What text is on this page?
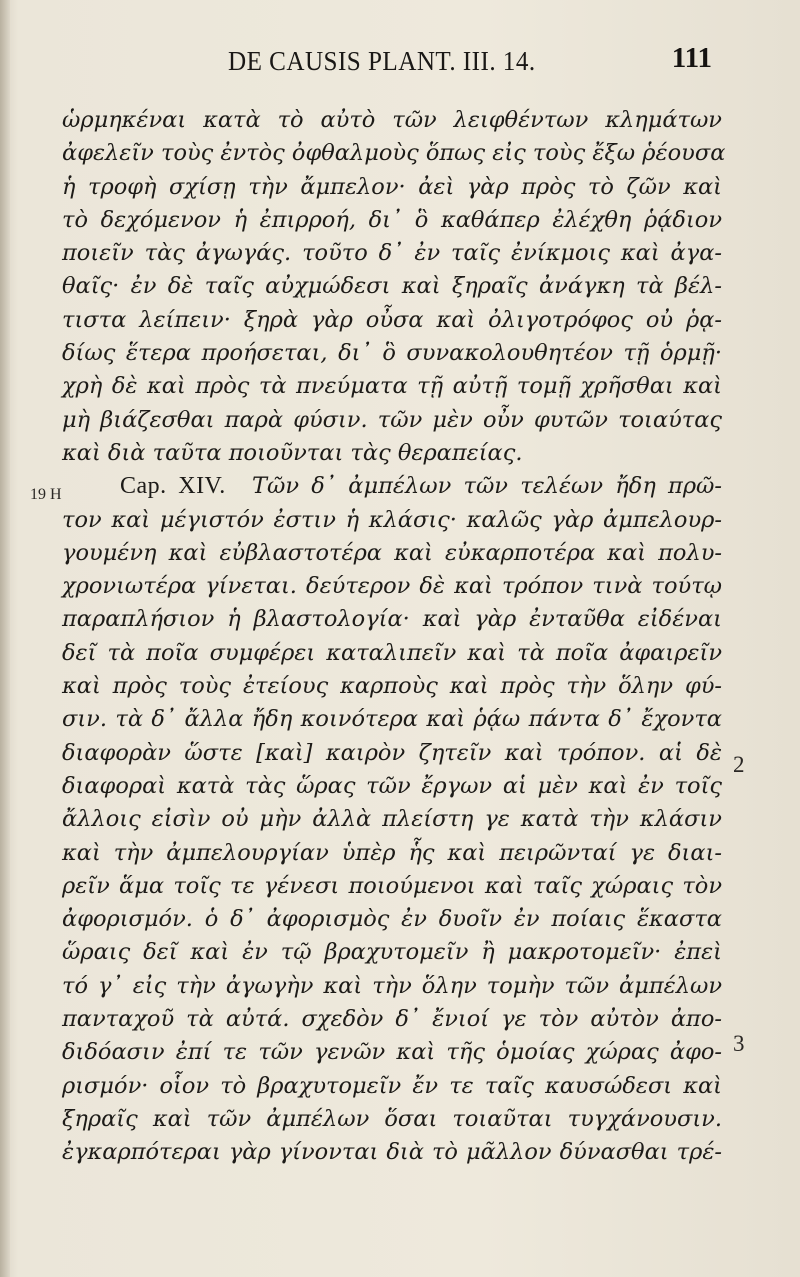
DE CAUSIS PLANT. III. 14.	111
ὡρμηκέναι κατὰ τὸ αὐτὸ τῶν λειφθέντων κλημάτων
ἀφελεῖν τοὺς ἐντὸς ὀφθαλμοὺς ὅπως εἰς τοὺς ἔξω ῥέουσα
ἡ τροφὴ σχίσῃ τὴν ἄμπελον· ἀεὶ γὰρ πρὸς τὸ ζῶν καὶ
τὸ δεχόμενον ἡ ἐπιρροή, δι᾽ ὃ καθάπερ ἐλέχθη ῥᾴδιον
ποιεῖν τὰς ἀγωγάς. τοῦτο δ᾽ ἐν ταῖς ἐνίκμοις καὶ ἀγα-
θαῖς· ἐν δὲ ταῖς αὐχμώδεσι καὶ ξηραῖς ἀνάγκη τὰ βέλ-
τιστα λείπειν· ξηρὰ γὰρ οὖσα καὶ ὀλιγοτρόφος οὐ ῥᾳ-
δίως ἕτερα προήσεται, δι᾽ ὃ συνακολουθητέον τῇ ὁρμῇ·
χρὴ δὲ καὶ πρὸς τὰ πνεύματα τῇ αὐτῇ τομῇ χρῆσθαι καὶ
μὴ βιάζεσθαι παρὰ φύσιν. τῶν μὲν οὖν φυτῶν τοιαύτας
καὶ διὰ ταῦτα ποιοῦνται τὰς θεραπείας.
Cap. XIV. Τῶν δ᾽ ἀμπέλων τῶν τελέων ἤδη πρῶ-
τον καὶ μέγιστόν ἐστιν ἡ κλάσις· καλῶς γὰρ ἀμπελουρ-
γουμένη καὶ εὐβλαστοτέρα καὶ εὐκαρποτέρα καὶ πολυ-
χρονιωτέρα γίνεται. δεύτερον δὲ καὶ τρόπον τινὰ τούτῳ
παραπλήσιον ἡ βλαστολογία· καὶ γὰρ ἐνταῦθα εἰδέναι
δεῖ τὰ ποῖα συμφέρει καταλιπεῖν καὶ τὰ ποῖα ἀφαιρεῖν
καὶ πρὸς τοὺς ἐτείους καρποὺς καὶ πρὸς τὴν ὅλην φύ-
σιν. τὰ δ᾽ ἄλλα ἤδη κοινότερα καὶ ῥᾴω πάντα δ᾽ ἔχοντα
διαφορὰν ὥστε [καὶ] καιρὸν ζητεῖν καὶ τρόπον. αἱ δὲ
διαφοραὶ κατὰ τὰς ὥρας τῶν ἔργων αἱ μὲν καὶ ἐν τοῖς
ἄλλοις εἰσὶν οὐ μὴν ἀλλὰ πλείστη γε κατὰ τὴν κλάσιν
καὶ τὴν ἀμπελουργίαν ὑπὲρ ἧς καὶ πειρῶνταί γε διαι-
ρεῖν ἅμα τοῖς τε γένεσι ποιούμενοι καὶ ταῖς χώραις τὸν
ἀφορισμόν. ὁ δ᾽ ἀφορισμὸς ἐν δυοῖν ἐν ποίαις ἕκαστα
ὥραις δεῖ καὶ ἐν τῷ βραχυτομεῖν ἢ μακροτομεῖν· ἐπεὶ
τό γ᾽ εἰς τὴν ἀγωγὴν καὶ τὴν ὅλην τομὴν τῶν ἀμπέλων
πανταχοῦ τὰ αὐτά. σχεδὸν δ᾽ ἔνιοί γε τὸν αὐτὸν ἀπο-
διδόασιν ἐπί τε τῶν γενῶν καὶ τῆς ὁμοίας χώρας ἀφο-
ρισμόν· οἷον τὸ βραχυτομεῖν ἔν τε ταῖς καυσώδεσι καὶ
ξηραῖς καὶ τῶν ἀμπέλων ὅσαι τοιαῦται τυγχάνουσιν.
ἐγκαρπότεραι γὰρ γίνονται διὰ τὸ μᾶλλον δύνασθαι τρέ-
19 H
2
3
